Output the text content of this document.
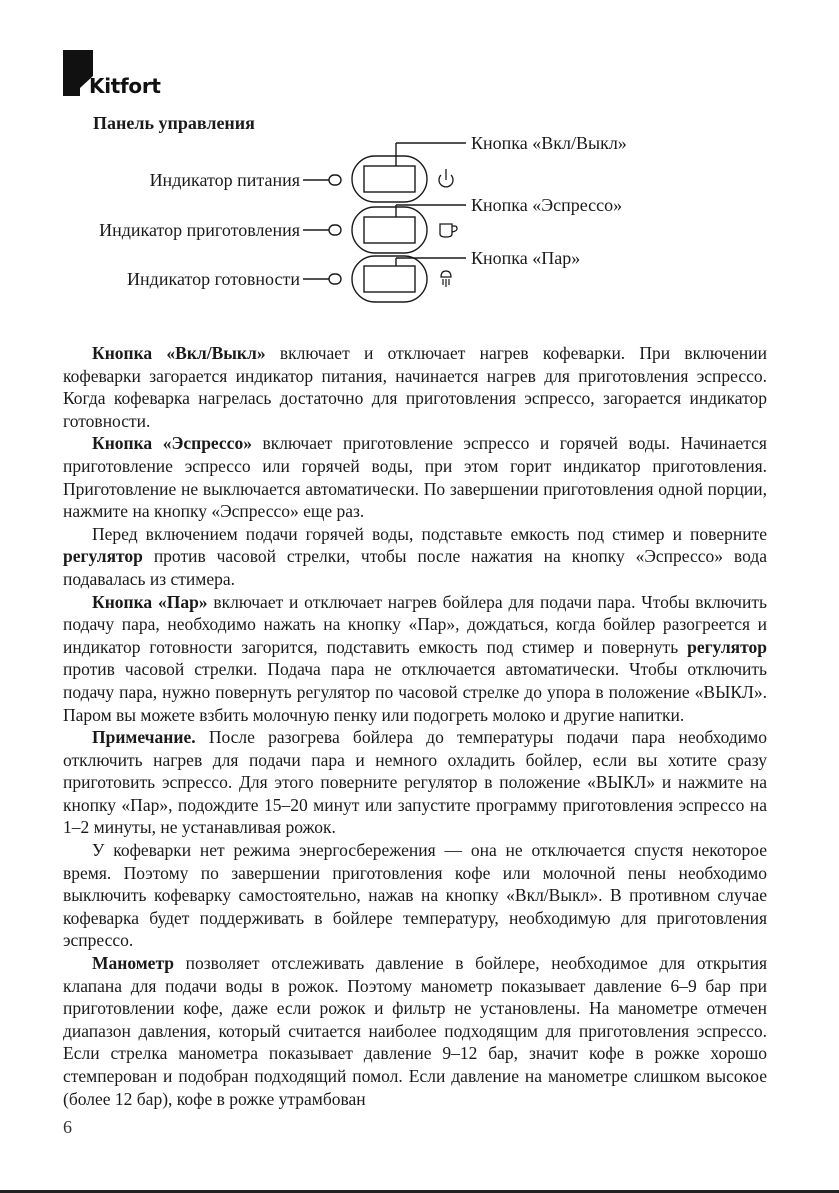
Kitfort
Панель управления
Индикатор питания
Индикатор приготовления
Индикатор готовности
Кнопка «Вкл/Выкл»
Кнопка «Эспрессо»
Кнопка «Пар»

Кнопка «Вкл/Выкл» включает и отключает нагрев кофеварки. При включении кофеварки загорается индикатор питания, начинается нагрев для приготовления эспрессо. Когда кофеварка нагрелась достаточно для приготовления эспрессо, загорается индикатор готовности.

Кнопка «Эспрессо» включает приготовление эспрессо и горячей воды. Начинается приготовление эспрессо или горячей воды, при этом горит индикатор приготовления. Приготовление не выключается автоматически. По завершении приготовления одной порции, нажмите на кнопку «Эспрессо» еще раз.

Перед включением подачи горячей воды, подставьте емкость под стимер и поверните регулятор против часовой стрелки, чтобы после нажатия на кнопку «Эспрессо» вода подавалась из стимера.

Кнопка «Пар» включает и отключает нагрев бойлера для подачи пара. Чтобы включить подачу пара, необходимо нажать на кнопку «Пар», дождаться, когда бойлер разогреется и индикатор готовности загорится, подставить емкость под стимер и повернуть регулятор против часовой стрелки. Подача пара не отключается автоматически. Чтобы отключить подачу пара, нужно повернуть регулятор по часовой стрелке до упора в положение «ВЫКЛ». Паром вы можете взбить молочную пенку или подогреть молоко и другие напитки.

Примечание. После разогрева бойлера до температуры подачи пара необходимо отключить нагрев для подачи пара и немного охладить бойлер, если вы хотите сразу приготовить эспрессо. Для этого поверните регулятор в положение «ВЫКЛ» и нажмите на кнопку «Пар», подождите 15–20 минут или запустите программу приготовления эспрессо на 1–2 минуты, не устанавливая рожок.

У кофеварки нет режима энергосбережения — она не отключается спустя некоторое время. Поэтому по завершении приготовления кофе или молочной пены необходимо выключить кофеварку самостоятельно, нажав на кнопку «Вкл/Выкл». В противном случае кофеварка будет поддерживать в бойлере температуру, необходимую для приготовления эспрессо.

Манометр позволяет отслеживать давление в бойлере, необходимое для открытия клапана для подачи воды в рожок. Поэтому манометр показывает давление 6–9 бар при приготовлении кофе, даже если рожок и фильтр не установлены. На манометре отмечен диапазон давления, который считается наиболее подходящим для приготовления эспрессо. Если стрелка манометра показывает давление 9–12 бар, значит кофе в рожке хорошо стемперован и подобран подходящий помол. Если давление на манометре слишком высокое (более 12 бар), кофе в рожке утрамбован

6
